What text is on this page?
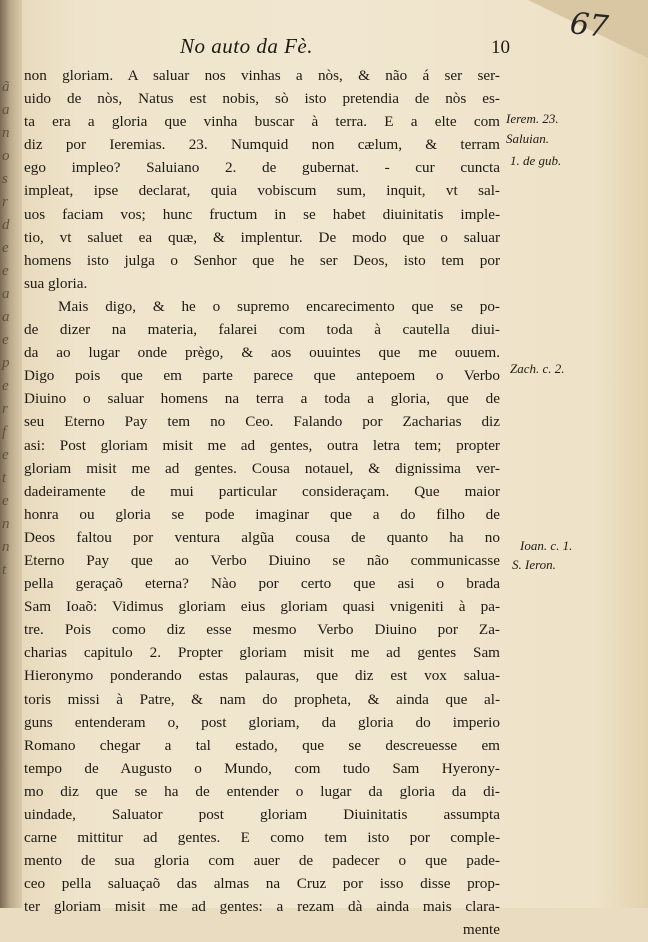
ã
a
n
o
s
r
d
e
e
a
a
e
p
e
r
f
e
t
e
n
n
t
67
No auto da Fè.	10
non gloriam. A saluar nos vinhas a nòs, & não á ser ser-
uido de nòs, Natus est nobis, sò isto pretendia de nòs es-
ta era a gloria que vinha buscar à terra. E a elte com
diz por Ieremias. 23. Numquid non cælum, & terram
ego impleo? Saluiano 2. de gubernat. - cur cuncta
impleat, ipse declarat, quia vobiscum sum, inquit, vt sal-
uos faciam vos; hunc fructum in se habet diuinitatis imple-
tio, vt saluet ea quæ, & implentur. De modo que o saluar
homens isto julga o Senhor que he ser Deos, isto tem por
sua gloria.
Mais digo, & he o supremo encarecimento que se po-
de dizer na materia, falarei com toda à cautella diui-
da ao lugar onde prègo, & aos ouuintes que me ouuem.
Digo pois que em parte parece que antepoem o Verbo
Diuino o saluar homens na terra a toda a gloria, que de
seu Eterno Pay tem no Ceo. Falando por Zacharias diz
asi: Post gloriam misit me ad gentes, outra letra tem; propter
gloriam misit me ad gentes. Cousa notauel, & dignissima ver-
dadeiramente de mui particular consideraçam. Que maior
honra ou gloria se pode imaginar que a do filho de
Deos faltou por ventura algũa cousa de quanto ha no
Eterno Pay que ao Verbo Diuino se não communicasse
pella geraçaõ eterna? Nào por certo que asi o brada
Sam Ioaõ: Vidimus gloriam eius gloriam quasi vnigeniti à pa-
tre. Pois como diz esse mesmo Verbo Diuino por Za-
charias capitulo 2. Propter gloriam misit me ad gentes Sam
Hieronymo ponderando estas palauras, que diz est vox salua-
toris missi à Patre, & nam do propheta, & ainda que al-
guns entenderam o, post gloriam, da gloria do imperio
Romano chegar a tal estado, que se descreuesse em
tempo de Augusto o Mundo, com tudo Sam Hyerony-
mo diz que se ha de entender o lugar da gloria da di-
uindade, Saluator post gloriam Diuinitatis assumpta
carne mittitur ad gentes. E como tem isto por comple-
mento de sua gloria com auer de padecer o que pade-
ceo pella saluaçaõ das almas na Cruz por isso disse prop-
ter gloriam misit me ad gentes: a rezam dà ainda mais clara-
mente
Ierem. 23.
Saluian.
1. de gub.
Zach. c. 2.
Ioan. c. 1.
S. Ieron.
